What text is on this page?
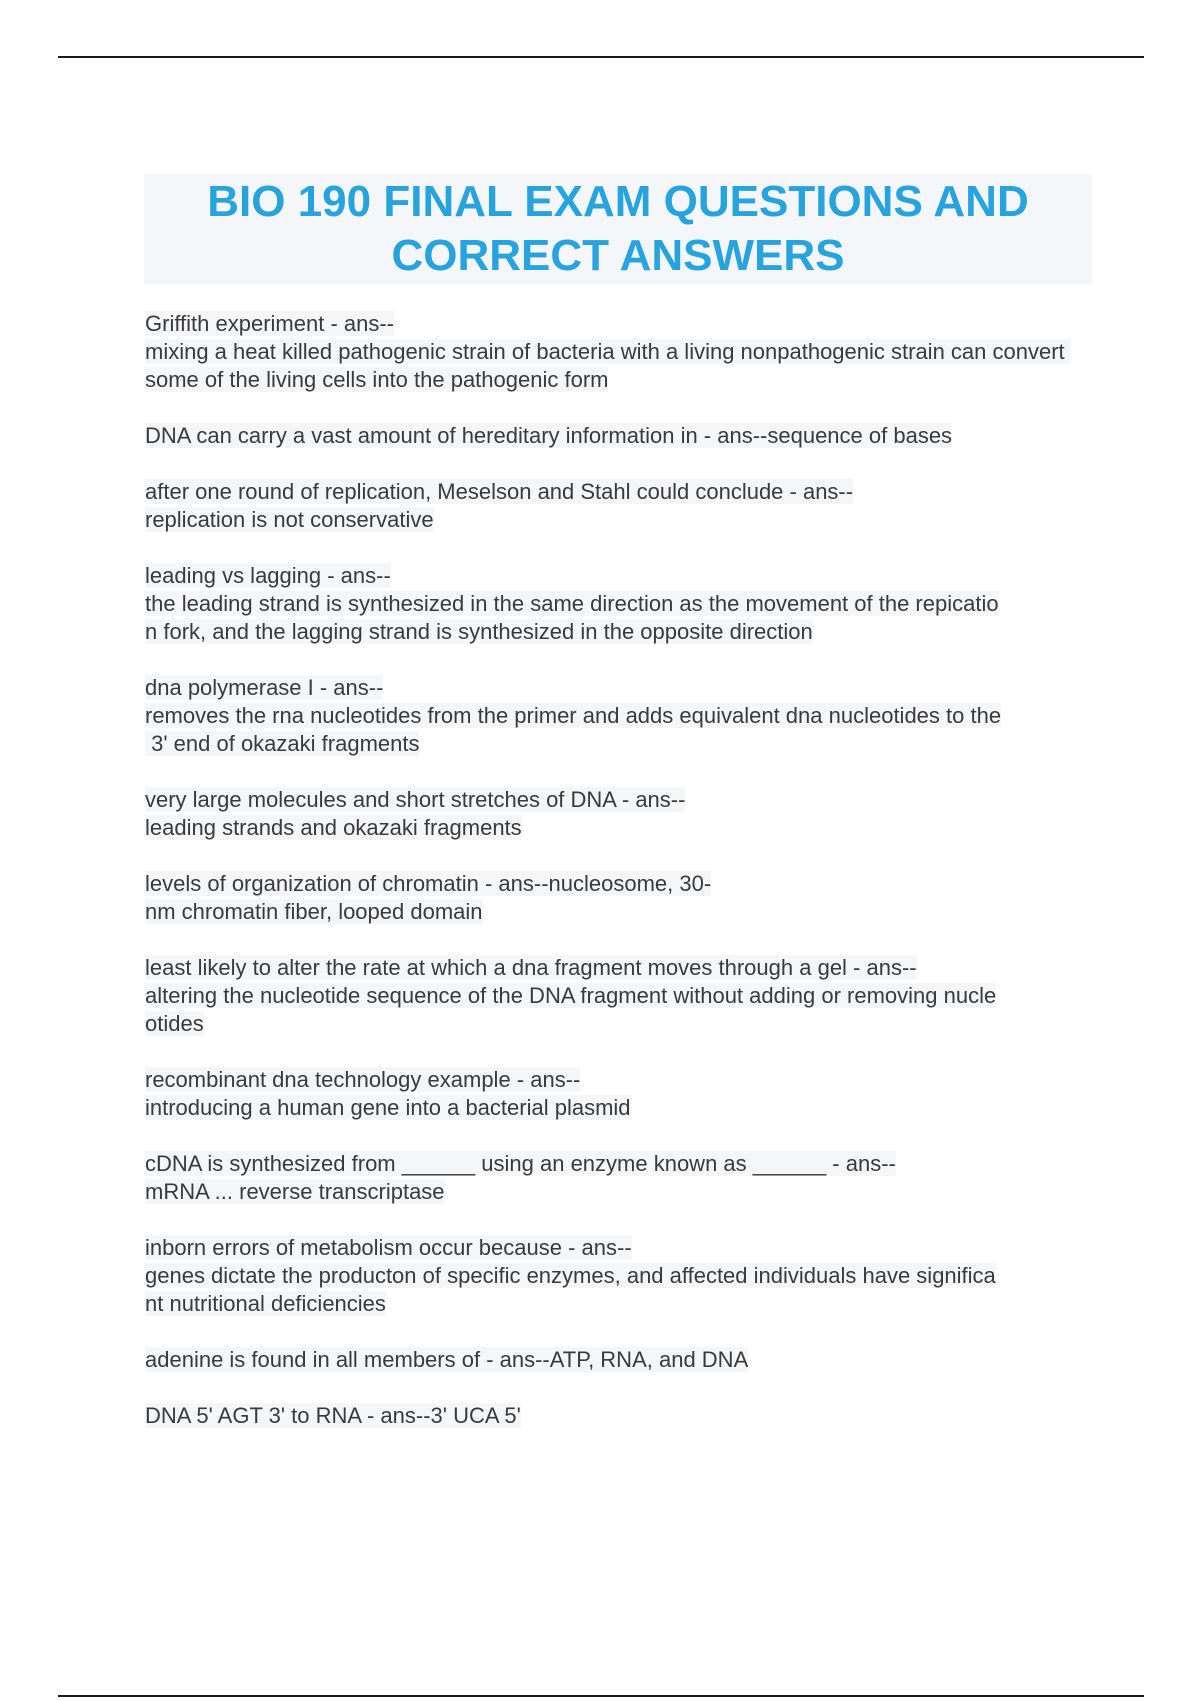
BIO 190 FINAL EXAM QUESTIONS AND CORRECT ANSWERS

Griffith experiment - ans--
mixing a heat killed pathogenic strain of bacteria with a living nonpathogenic strain can convert some of the living cells into the pathogenic form

DNA can carry a vast amount of hereditary information in - ans--sequence of bases

after one round of replication, Meselson and Stahl could conclude - ans--
replication is not conservative

leading vs lagging - ans--
the leading strand is synthesized in the same direction as the movement of the repicatio
n fork, and the lagging strand is synthesized in the opposite direction

dna polymerase I - ans--
removes the rna nucleotides from the primer and adds equivalent dna nucleotides to the
3' end of okazaki fragments

very large molecules and short stretches of DNA - ans--
leading strands and okazaki fragments

levels of organization of chromatin - ans--nucleosome, 30-
nm chromatin fiber, looped domain

least likely to alter the rate at which a dna fragment moves through a gel - ans--
altering the nucleotide sequence of the DNA fragment without adding or removing nucle
otides

recombinant dna technology example - ans--
introducing a human gene into a bacterial plasmid

cDNA is synthesized from ______ using an enzyme known as ______ - ans--
mRNA ... reverse transcriptase

inborn errors of metabolism occur because - ans--
genes dictate the producton of specific enzymes, and affected individuals have significa
nt nutritional deficiencies

adenine is found in all members of - ans--ATP, RNA, and DNA

DNA 5' AGT 3' to RNA - ans--3' UCA 5'
